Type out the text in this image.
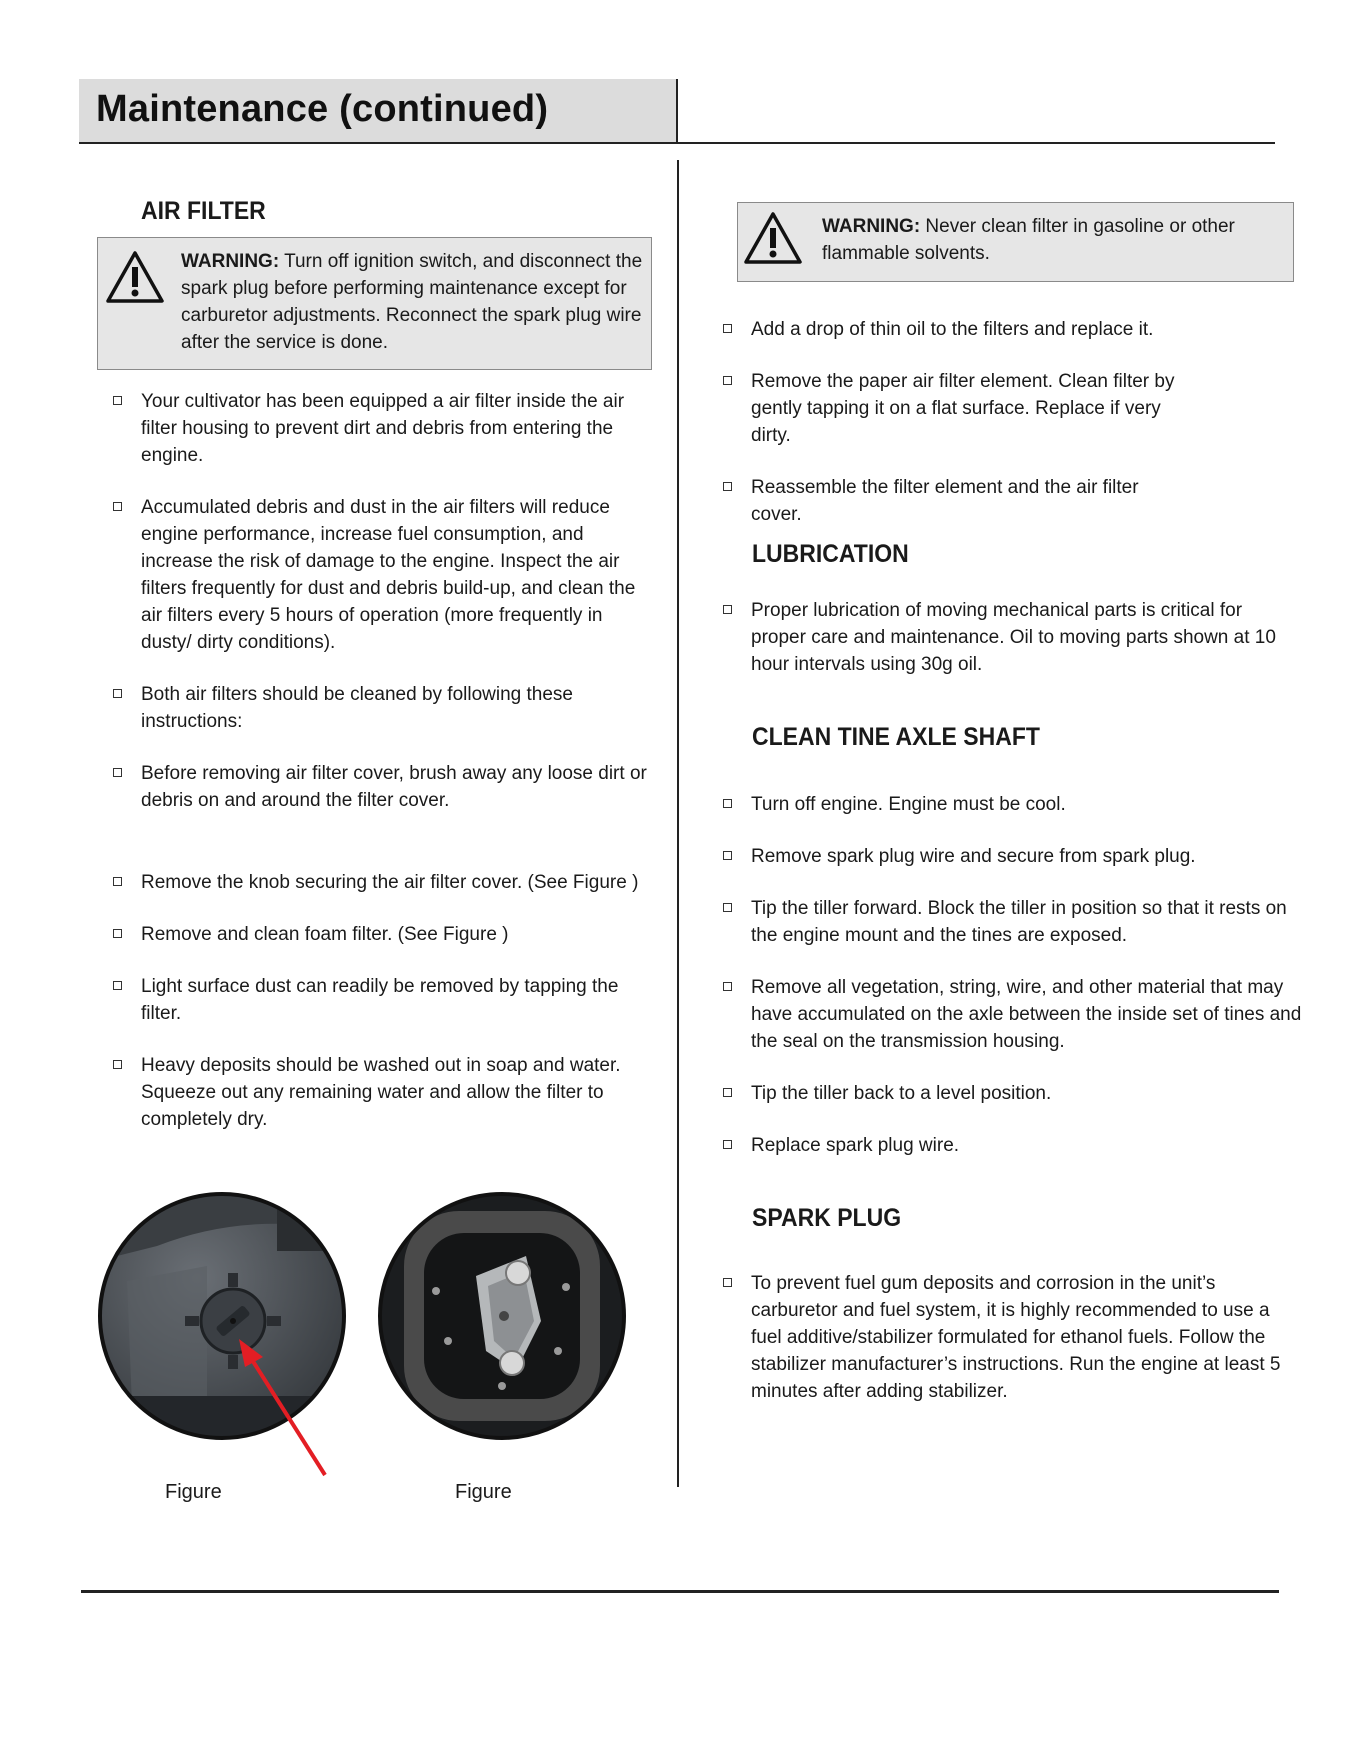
Maintenance (continued)
AIR FILTER

WARNING: Turn off ignition switch, and disconnect the spark plug before performing maintenance except for carburetor adjustments. Reconnect the spark plug wire after the service is done.

Your cultivator has been equipped a air filter inside the air filter housing to prevent dirt and debris from entering the engine.
Accumulated debris and dust in the air filters will reduce engine performance, increase fuel consumption, and increase the risk of damage to the engine. Inspect the air filters frequently for dust and debris build-up, and clean the air filters every 5 hours of operation (more frequently in dusty/ dirty conditions).
Both air filters should be cleaned by following these instructions:
Before removing air filter cover, brush away any loose dirt or debris on and around the filter cover.
Remove the knob securing the air filter cover. (See Figure )
Remove and clean foam filter. (See Figure )
Light surface dust can readily be removed by tapping the filter.
Heavy deposits should be washed out in soap and water. Squeeze out any remaining water and allow the filter to completely dry.

Figure	Figure

WARNING: Never clean filter in gasoline or other flammable solvents.

Add a drop of thin oil to the filters and replace it.
Remove the paper air filter element. Clean filter by gently tapping it on a flat surface. Replace if very dirty.
Reassemble the filter element and the air filter cover.
LUBRICATION
Proper lubrication of moving mechanical parts is critical for proper care and maintenance. Oil to moving parts shown at 10 hour intervals using 30g oil.
CLEAN TINE AXLE SHAFT
Turn off engine. Engine must be cool.
Remove spark plug wire and secure from spark plug.
Tip the tiller forward. Block the tiller in position so that it rests on the engine mount and the tines are exposed.
Remove all vegetation, string, wire, and other material that may have accumulated on the axle between the inside set of tines and the seal on the transmission housing.
Tip the tiller back to a level position.
Replace spark plug wire.
SPARK PLUG
To prevent fuel gum deposits and corrosion in the unit’s carburetor and fuel system, it is highly recommended to use a fuel additive/stabilizer formulated for ethanol fuels. Follow the stabilizer manufacturer’s instructions. Run the engine at least 5 minutes after adding stabilizer.
